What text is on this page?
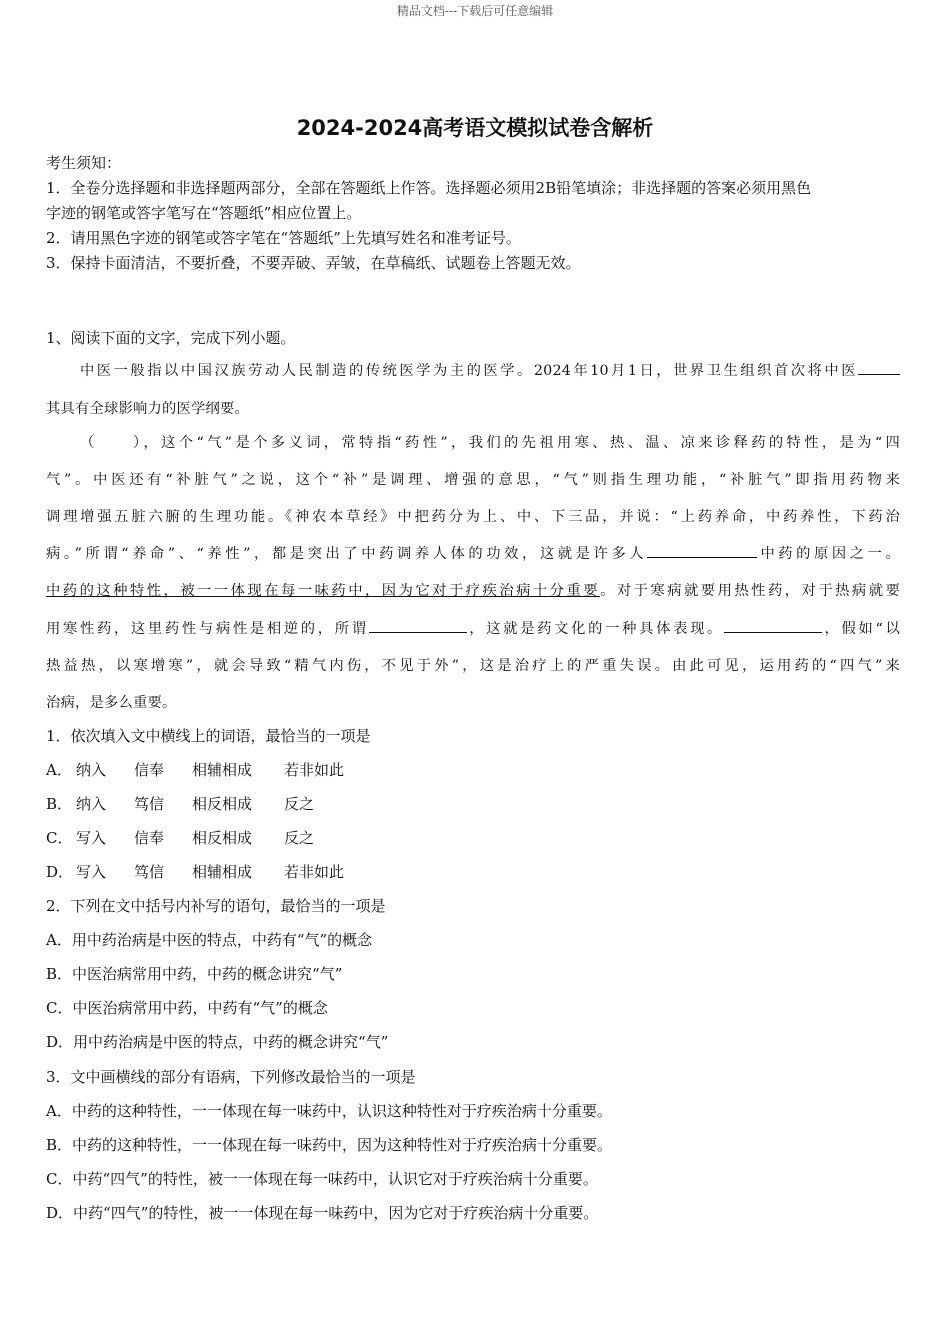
精品文档---下载后可任意编辑
2024-2024高考语文模拟试卷含解析
考生须知：
1．全卷分选择题和非选择题两部分，全部在答题纸上作答。选择题必须用2B铅笔填涂；非选择题的答案必须用黑色
字迹的钢笔或答字笔写在“答题纸”相应位置上。
2．请用黑色字迹的钢笔或答字笔在“答题纸”上先填写姓名和准考证号。
3．保持卡面清洁，不要折叠，不要弄破、弄皱，在草稿纸、试题卷上答题无效。
1、阅读下面的文字，完成下列小题。
中医一般指以中国汉族劳动人民制造的传统医学为主的医学。2024年10月1日，世界卫生组织首次将中医
其具有全球影响力的医学纲要。
（　　），这个“气”是个多义词，常特指“药性”，我们的先祖用寒、热、温、凉来诊释药的特性，是为“四
气”。中医还有“补脏气”之说，这个“补”是调理、增强的意思，“气”则指生理功能，“补脏气”即指用药物来
调理增强五脏六腑的生理功能。《神农本草经》中把药分为上、中、下三品，并说：“上药养命，中药养性，下药治
病。”所谓“养命”、“养性”，都是突出了中药调养人体的功效，这就是许多人	中药的原因之一。
中药的这种特性，被一一体现在每一味药中，因为它对于疗疾治病十分重要。对于寒病就要用热性药，对于热病就要
用寒性药，这里药性与病性是相逆的，所谓	，这就是药文化的一种具体表现。	，假如“以
热益热，以寒增寒”，就会导致“精气内伤，不见于外”，这是治疗上的严重失误。由此可见，运用药的“四气”来
治病，是多么重要。
1．依次填入文中横线上的词语，最恰当的一项是
A． 纳入 信奉 相辅相成 若非如此
B． 纳入 笃信 相反相成 反之
C． 写入 信奉 相反相成 反之
D． 写入 笃信 相辅相成 若非如此
2．下列在文中括号内补写的语句，最恰当的一项是
A．用中药治病是中医的特点，中药有“气”的概念
B．中医治病常用中药，中药的概念讲究“气”
C．中医治病常用中药，中药有“气”的概念
D．用中药治病是中医的特点，中药的概念讲究“气”
3．文中画横线的部分有语病，下列修改最恰当的一项是
A．中药的这种特性，一一体现在每一味药中，认识这种特性对于疗疾治病十分重要。
B．中药的这种特性，一一体现在每一味药中，因为这种特性对于疗疾治病十分重要。
C．中药“四气”的特性，被一一体现在每一味药中，认识它对于疗疾治病十分重要。
D．中药“四气”的特性，被一一体现在每一味药中，因为它对于疗疾治病十分重要。
